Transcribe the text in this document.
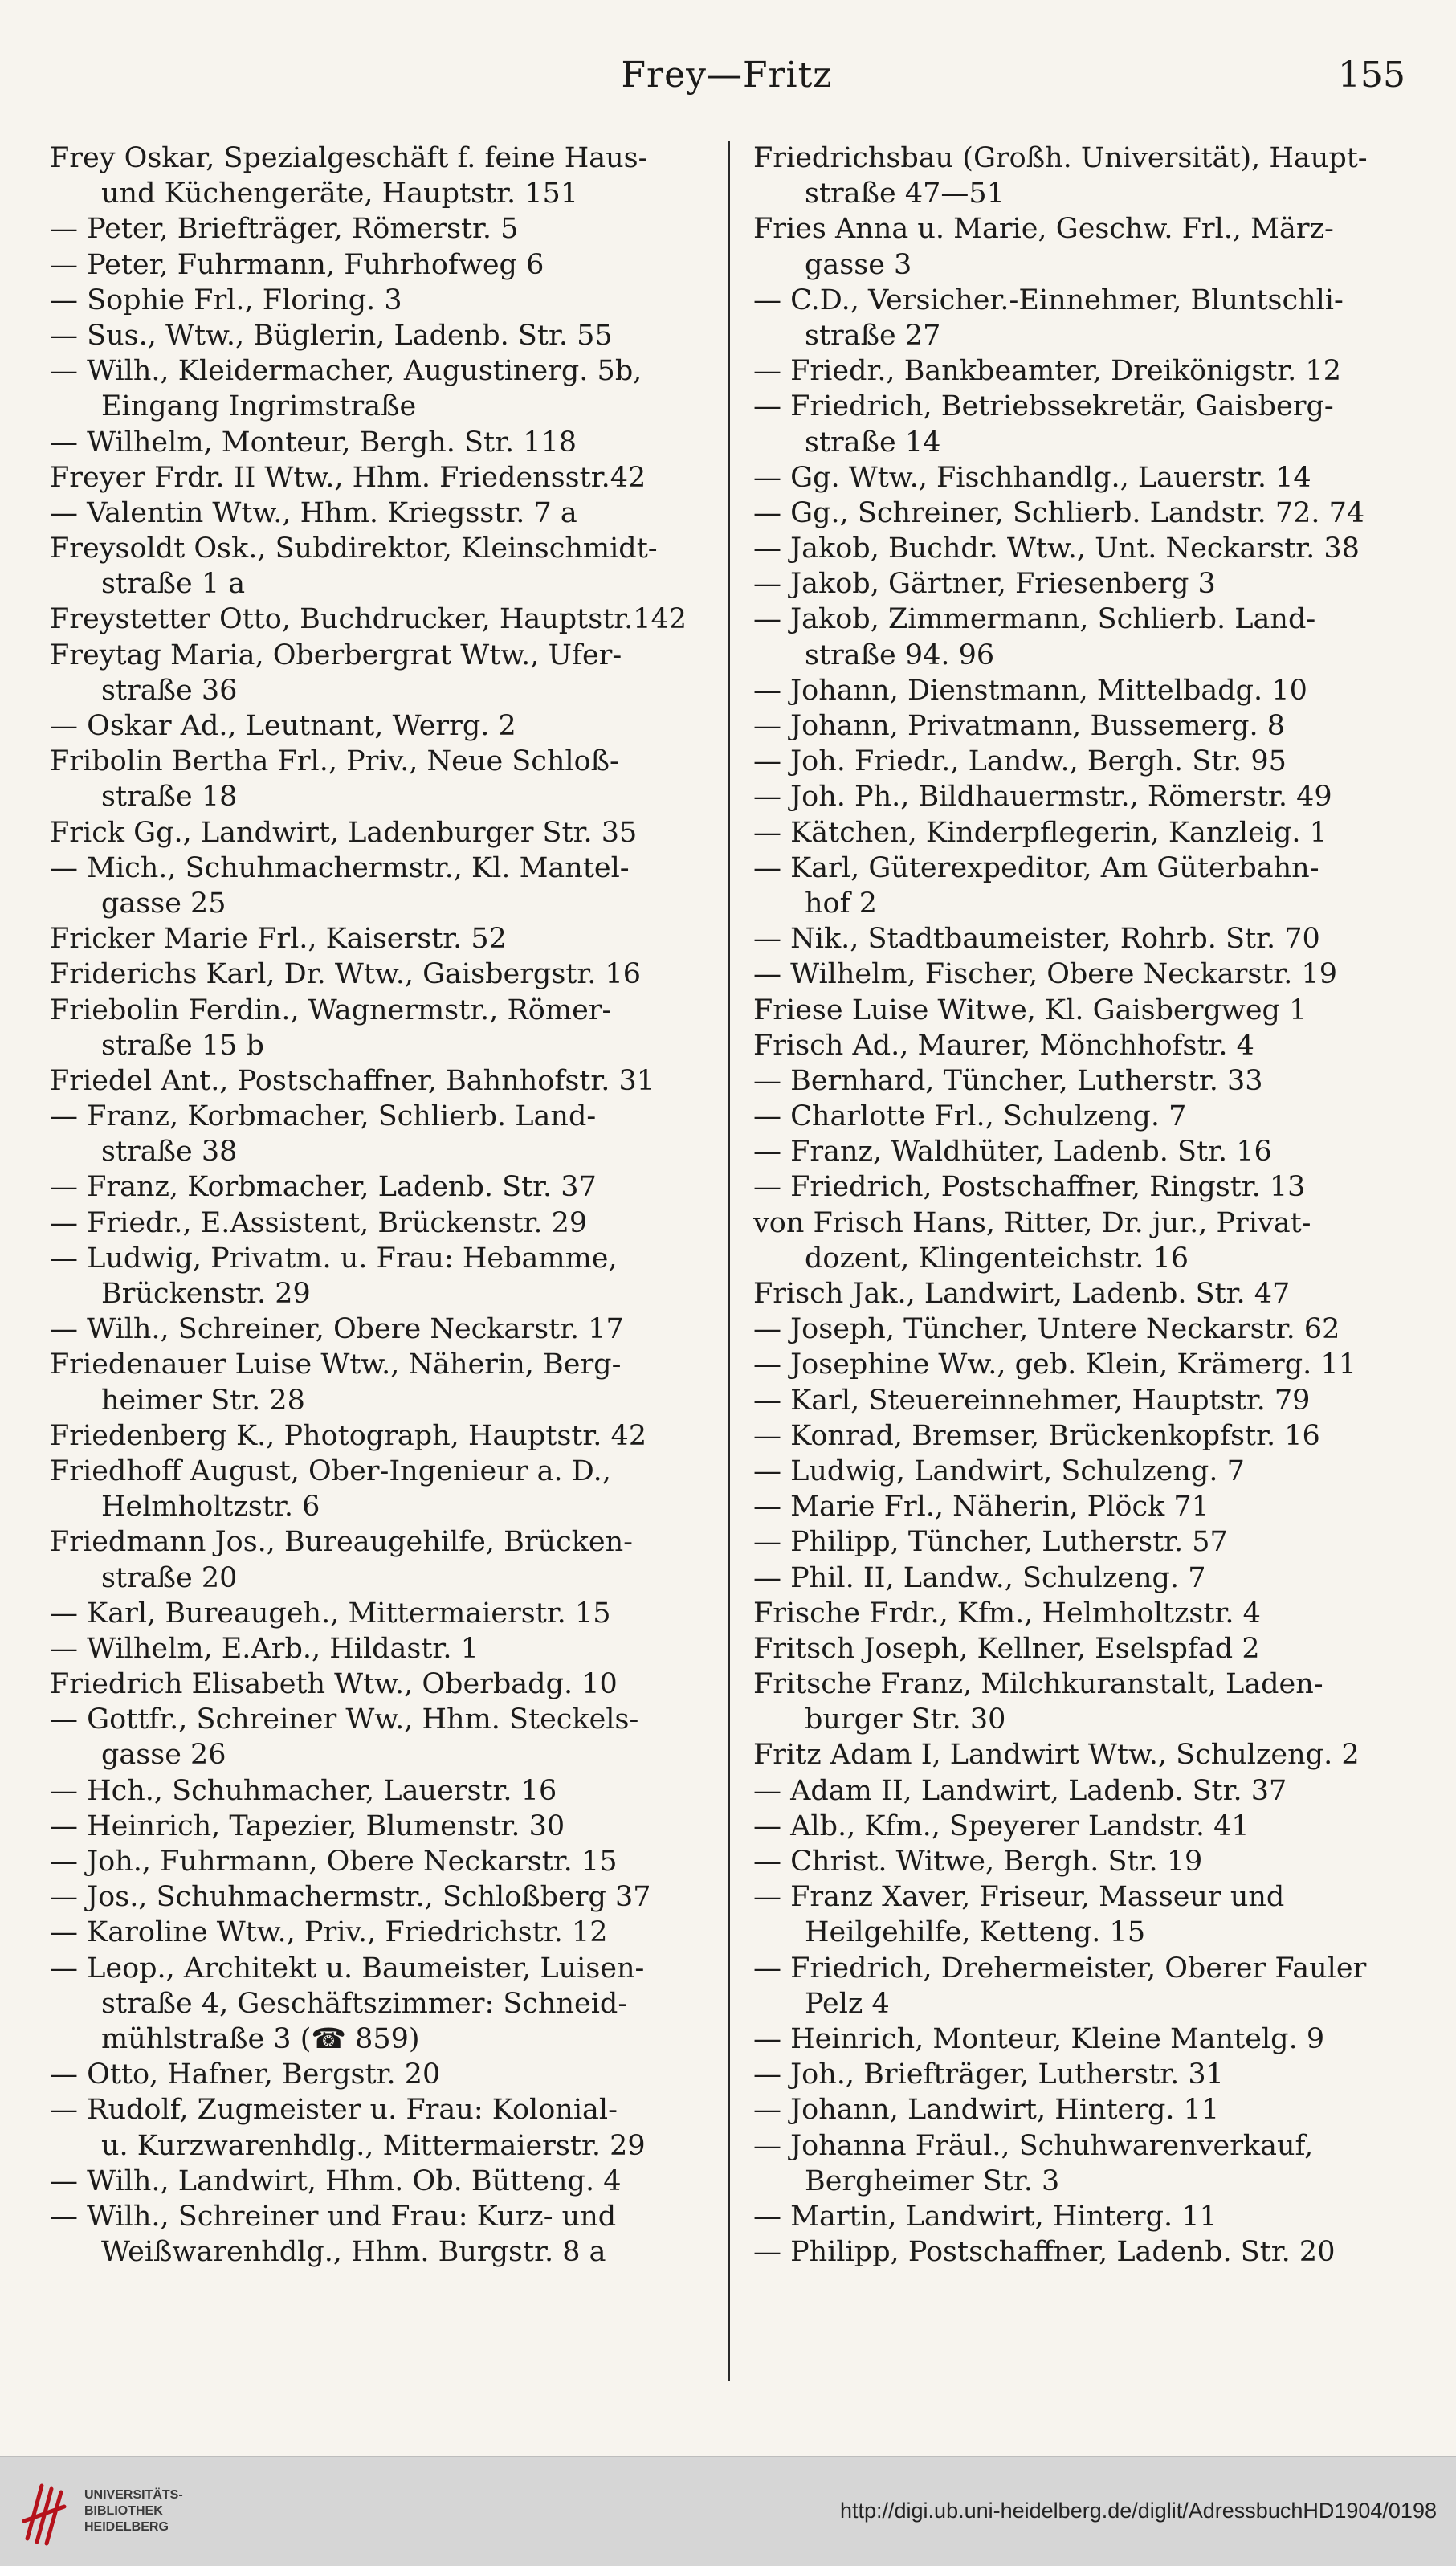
Frey—Fritz	155
Frey Oskar, Spezialgeschäft f. feine Haus-
und Küchengeräte, Hauptstr. 151
— Peter, Briefträger, Römerstr. 5
— Peter, Fuhrmann, Fuhrhofweg 6
— Sophie Frl., Floring. 3
— Sus., Wtw., Büglerin, Ladenb. Str. 55
— Wilh., Kleidermacher, Augustinerg. 5b,
Eingang Ingrimstraße
— Wilhelm, Monteur, Bergh. Str. 118
Freyer Frdr. II Wtw., Hhm. Friedensstr.42
— Valentin Wtw., Hhm. Kriegsstr. 7 a
Freysoldt Osk., Subdirektor, Kleinschmidt-
straße 1 a
Freystetter Otto, Buchdrucker, Hauptstr.142
Freytag Maria, Oberbergrat Wtw., Ufer-
straße 36
— Oskar Ad., Leutnant, Werrg. 2
Fribolin Bertha Frl., Priv., Neue Schloß-
straße 18
Frick Gg., Landwirt, Ladenburger Str. 35
— Mich., Schuhmachermstr., Kl. Mantel-
gasse 25
Fricker Marie Frl., Kaiserstr. 52
Friderichs Karl, Dr. Wtw., Gaisbergstr. 16
Friebolin Ferdin., Wagnermstr., Römer-
straße 15 b
Friedel Ant., Postschaffner, Bahnhofstr. 31
— Franz, Korbmacher, Schlierb. Land-
straße 38
— Franz, Korbmacher, Ladenb. Str. 37
— Friedr., E.Assistent, Brückenstr. 29
— Ludwig, Privatm. u. Frau: Hebamme,
Brückenstr. 29
— Wilh., Schreiner, Obere Neckarstr. 17
Friedenauer Luise Wtw., Näherin, Berg-
heimer Str. 28
Friedenberg K., Photograph, Hauptstr. 42
Friedhoff August, Ober-Ingenieur a. D.,
Helmholtzstr. 6
Friedmann Jos., Bureaugehilfe, Brücken-
straße 20
— Karl, Bureaugeh., Mittermaierstr. 15
— Wilhelm, E.Arb., Hildastr. 1
Friedrich Elisabeth Wtw., Oberbadg. 10
— Gottfr., Schreiner Ww., Hhm. Steckels-
gasse 26
— Hch., Schuhmacher, Lauerstr. 16
— Heinrich, Tapezier, Blumenstr. 30
— Joh., Fuhrmann, Obere Neckarstr. 15
— Jos., Schuhmachermstr., Schloßberg 37
— Karoline Wtw., Priv., Friedrichstr. 12
— Leop., Architekt u. Baumeister, Luisen-
straße 4, Geschäftszimmer: Schneid-
mühlstraße 3 (☎ 859)
— Otto, Hafner, Bergstr. 20
— Rudolf, Zugmeister u. Frau: Kolonial-
u. Kurzwarenhdlg., Mittermaierstr. 29
— Wilh., Landwirt, Hhm. Ob. Bütteng. 4
— Wilh., Schreiner und Frau: Kurz- und
Weißwarenhdlg., Hhm. Burgstr. 8 a
Friedrichsbau (Großh. Universität), Haupt-
straße 47—51
Fries Anna u. Marie, Geschw. Frl., März-
gasse 3
— C.D., Versicher.-Einnehmer, Bluntschli-
straße 27
— Friedr., Bankbeamter, Dreikönigstr. 12
— Friedrich, Betriebssekretär, Gaisberg-
straße 14
— Gg. Wtw., Fischhandlg., Lauerstr. 14
— Gg., Schreiner, Schlierb. Landstr. 72. 74
— Jakob, Buchdr. Wtw., Unt. Neckarstr. 38
— Jakob, Gärtner, Friesenberg 3
— Jakob, Zimmermann, Schlierb. Land-
straße 94. 96
— Johann, Dienstmann, Mittelbadg. 10
— Johann, Privatmann, Bussemerg. 8
— Joh. Friedr., Landw., Bergh. Str. 95
— Joh. Ph., Bildhauermstr., Römerstr. 49
— Kätchen, Kinderpflegerin, Kanzleig. 1
— Karl, Güterexpeditor, Am Güterbahn-
hof 2
— Nik., Stadtbaumeister, Rohrb. Str. 70
— Wilhelm, Fischer, Obere Neckarstr. 19
Friese Luise Witwe, Kl. Gaisbergweg 1
Frisch Ad., Maurer, Mönchhofstr. 4
— Bernhard, Tüncher, Lutherstr. 33
— Charlotte Frl., Schulzeng. 7
— Franz, Waldhüter, Ladenb. Str. 16
— Friedrich, Postschaffner, Ringstr. 13
von Frisch Hans, Ritter, Dr. jur., Privat-
dozent, Klingenteichstr. 16
Frisch Jak., Landwirt, Ladenb. Str. 47
— Joseph, Tüncher, Untere Neckarstr. 62
— Josephine Ww., geb. Klein, Krämerg. 11
— Karl, Steuereinnehmer, Hauptstr. 79
— Konrad, Bremser, Brückenkopfstr. 16
— Ludwig, Landwirt, Schulzeng. 7
— Marie Frl., Näherin, Plöck 71
— Philipp, Tüncher, Lutherstr. 57
— Phil. II, Landw., Schulzeng. 7
Frische Frdr., Kfm., Helmholtzstr. 4
Fritsch Joseph, Kellner, Eselspfad 2
Fritsche Franz, Milchkuranstalt, Laden-
burger Str. 30
Fritz Adam I, Landwirt Wtw., Schulzeng. 2
— Adam II, Landwirt, Ladenb. Str. 37
— Alb., Kfm., Speyerer Landstr. 41
— Christ. Witwe, Bergh. Str. 19
— Franz Xaver, Friseur, Masseur und
Heilgehilfe, Ketteng. 15
— Friedrich, Drehermeister, Oberer Fauler
Pelz 4
— Heinrich, Monteur, Kleine Mantelg. 9
— Joh., Briefträger, Lutherstr. 31
— Johann, Landwirt, Hinterg. 11
— Johanna Fräul., Schuhwarenverkauf,
Bergheimer Str. 3
— Martin, Landwirt, Hinterg. 11
— Philipp, Postschaffner, Ladenb. Str. 20
UNIVERSITÄTS-
BIBLIOTHEK
HEIDELBERG
http://digi.ub.uni-heidelberg.de/diglit/AdressbuchHD1904/0198
